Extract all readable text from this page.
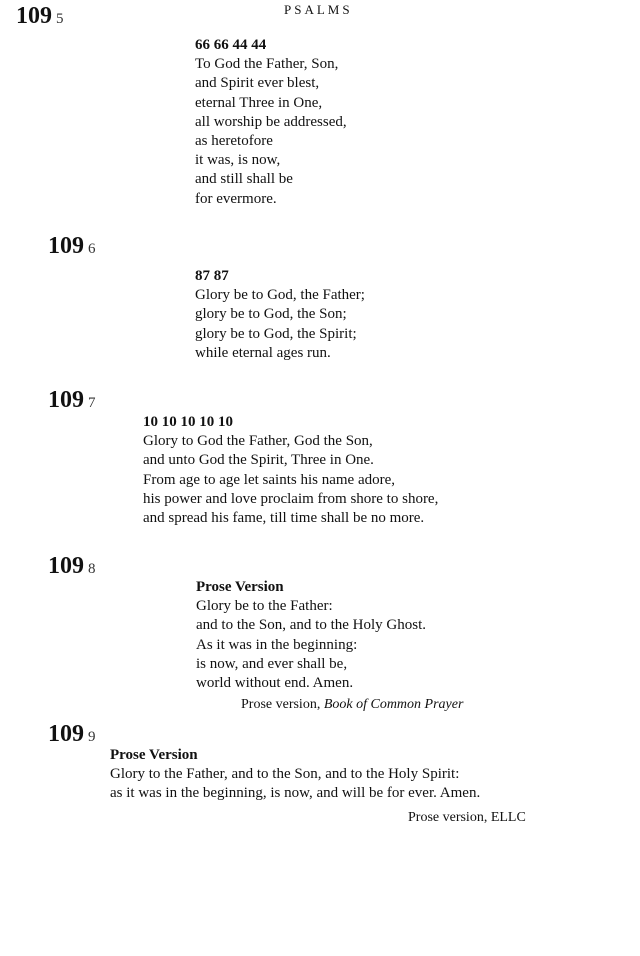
109 5
PSALMS
66 66 44 44
To God the Father, Son,
and Spirit ever blest,
eternal Three in One,
all worship be addressed,
as heretofore
it was, is now,
and still shall be
for evermore.
109 6
87 87
Glory be to God, the Father;
glory be to God, the Son;
glory be to God, the Spirit;
while eternal ages run.
109 7
10 10 10 10 10
Glory to God the Father, God the Son,
and unto God the Spirit, Three in One.
From age to age let saints his name adore,
his power and love proclaim from shore to shore,
and spread his fame, till time shall be no more.
109 8
Prose Version
Glory be to the Father:
and to the Son, and to the Holy Ghost.
As it was in the beginning:
is now, and ever shall be,
world without end. Amen.
Prose version, Book of Common Prayer
109 9
Prose Version
Glory to the Father, and to the Son, and to the Holy Spirit:
as it was in the beginning, is now, and will be for ever. Amen.
Prose version, ELLC
